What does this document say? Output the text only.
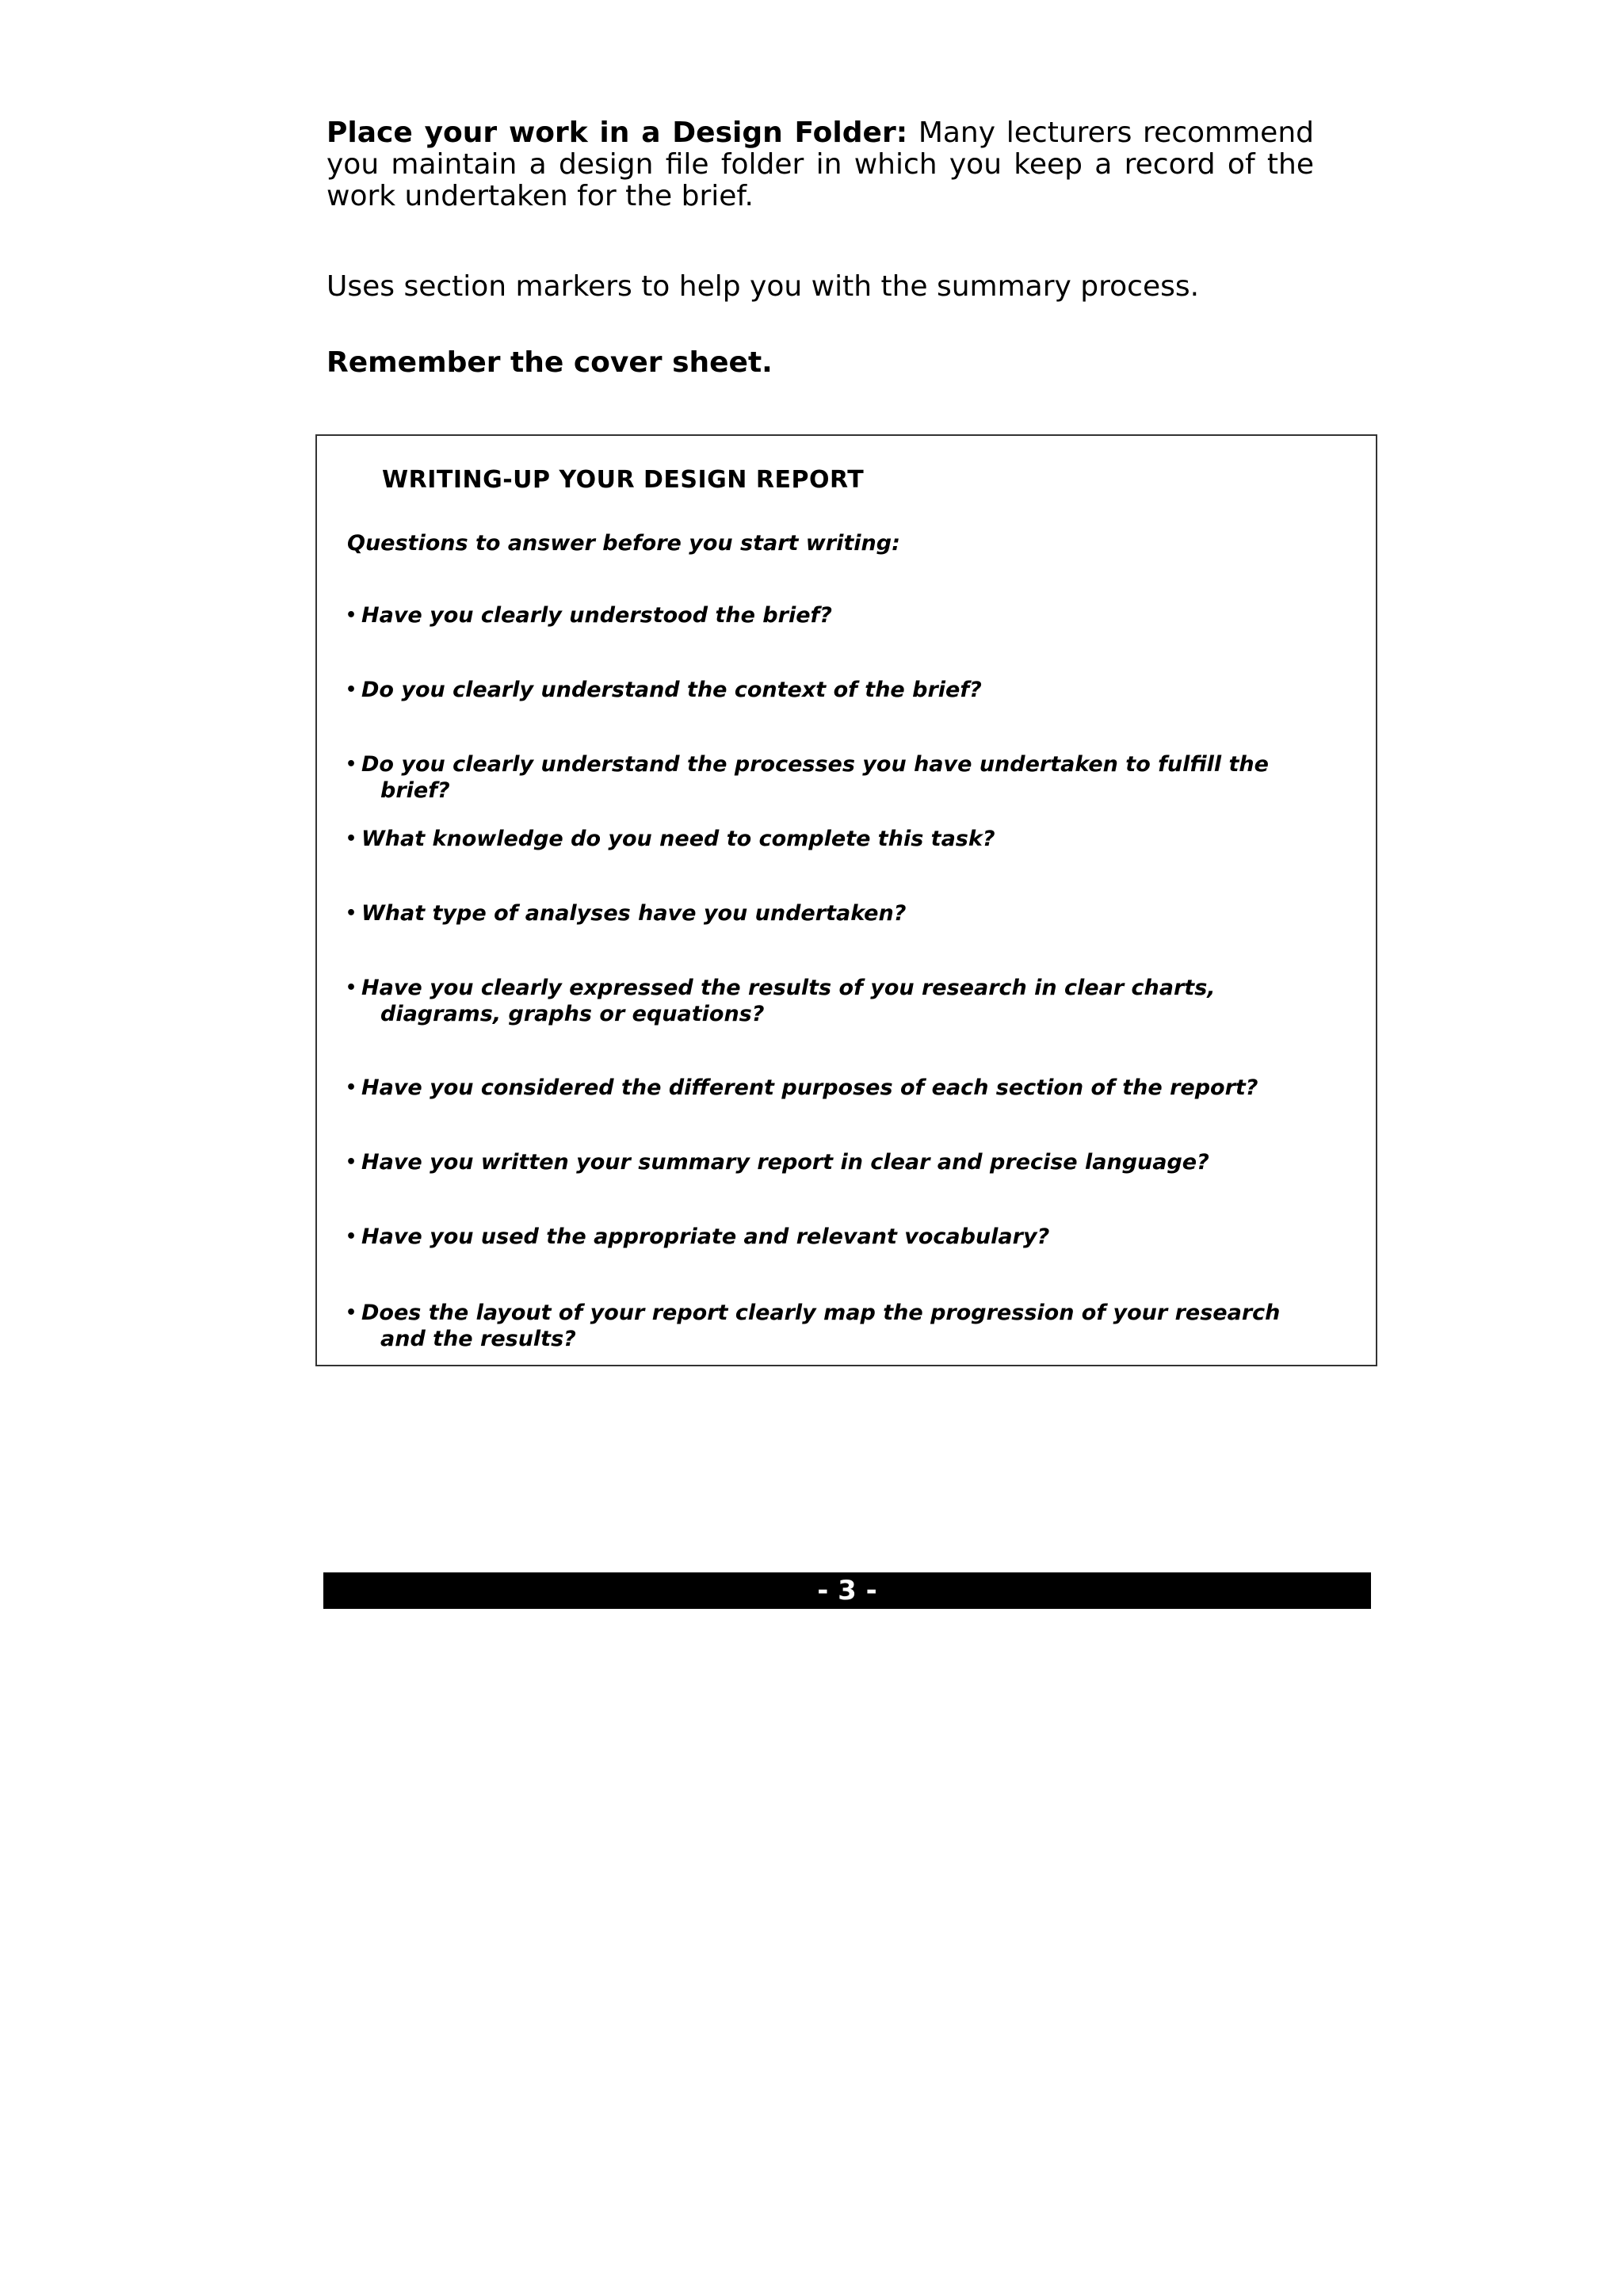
Place your work in a Design Folder: Many lecturers recommend you maintain a design file folder in which you keep a record of the work undertaken for the brief.

Uses section markers to help you with the summary process.

Remember the cover sheet.

WRITING-UP YOUR DESIGN REPORT

Questions to answer before you start writing:

• Have you clearly understood the brief?
• Do you clearly understand the context of the brief?
• Do you clearly understand the processes you have undertaken to fulfill the brief?
• What knowledge do you need to complete this task?
• What type of analyses have you undertaken?
• Have you clearly expressed the results of you research in clear charts, diagrams, graphs or equations?
• Have you considered the different purposes of each section of the report?
• Have you written your summary report in clear and precise language?
• Have you used the appropriate and relevant vocabulary?
• Does the layout of your report clearly map the progression of your research and the results?
- 3 -
